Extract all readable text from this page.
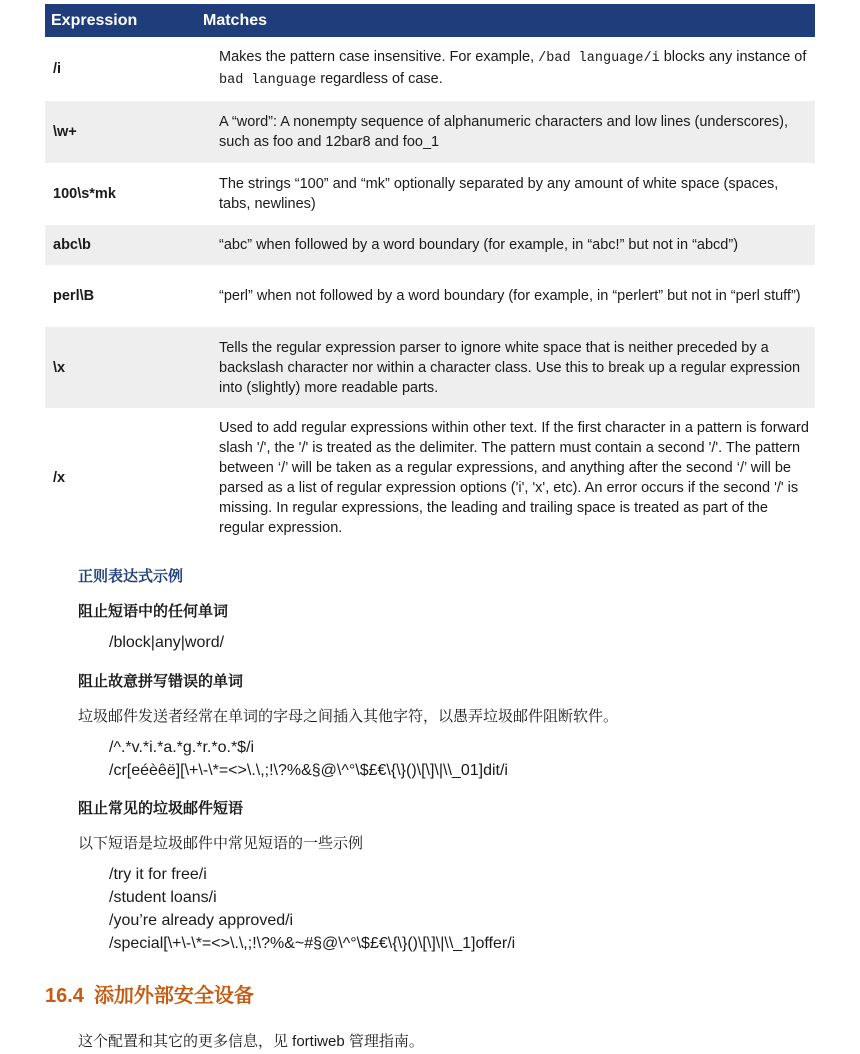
Expression	Matches
/i	Makes the pattern case insensitive. For example, /bad language/i blocks any instance of bad language regardless of case.
\w+	A “word”: A nonempty sequence of alphanumeric characters and low lines (underscores), such as foo and 12bar8 and foo_1
100\s*mk	The strings “100” and “mk” optionally separated by any amount of white space (spaces, tabs, newlines)
abc\b	“abc” when followed by a word boundary (for example, in “abc!” but not in “abcd”)
perl\B	“perl” when not followed by a word boundary (for example, in “perlert” but not in “perl stuff”)
\x	Tells the regular expression parser to ignore white space that is neither preceded by a backslash character nor within a character class. Use this to break up a regular expression into (slightly) more readable parts.
/x	Used to add regular expressions within other text. If the first character in a pattern is forward slash '/', the '/' is treated as the delimiter. The pattern must contain a second '/'. The pattern between ‘/’ will be taken as a regular expressions, and anything after the second ‘/’ will be parsed as a list of regular expression options ('i', 'x', etc). An error occurs if the second '/' is missing. In regular expressions, the leading and trailing space is treated as part of the regular expression.
正则表达式示例
阻止短语中的任何单词
/block|any|word/
阻止故意拼写错误的单词
垃圾邮件发送者经常在单词的字母之间插入其他字符，以愚弄垃圾邮件阻断软件。
/^.*v.*i.*a.*g.*r.*o.*$/i
/cr[eéèêë][\+\-\*=<>\.\,;!\?%&§@\^°\$£€\{\}()\[\]\|\\_01]dit/i
阻止常见的垃圾邮件短语
以下短语是垃圾邮件中常见短语的一些示例
/try it for free/i
/student loans/i
/you’re already approved/i
/special[\+\-\*=<>\.\,;!\?%&~#§@\^°\$£€\{\}()\[\]\|\\_1]offer/i
16.4 添加外部安全设备
这个配置和其它的更多信息，见 fortiweb 管理指南。
